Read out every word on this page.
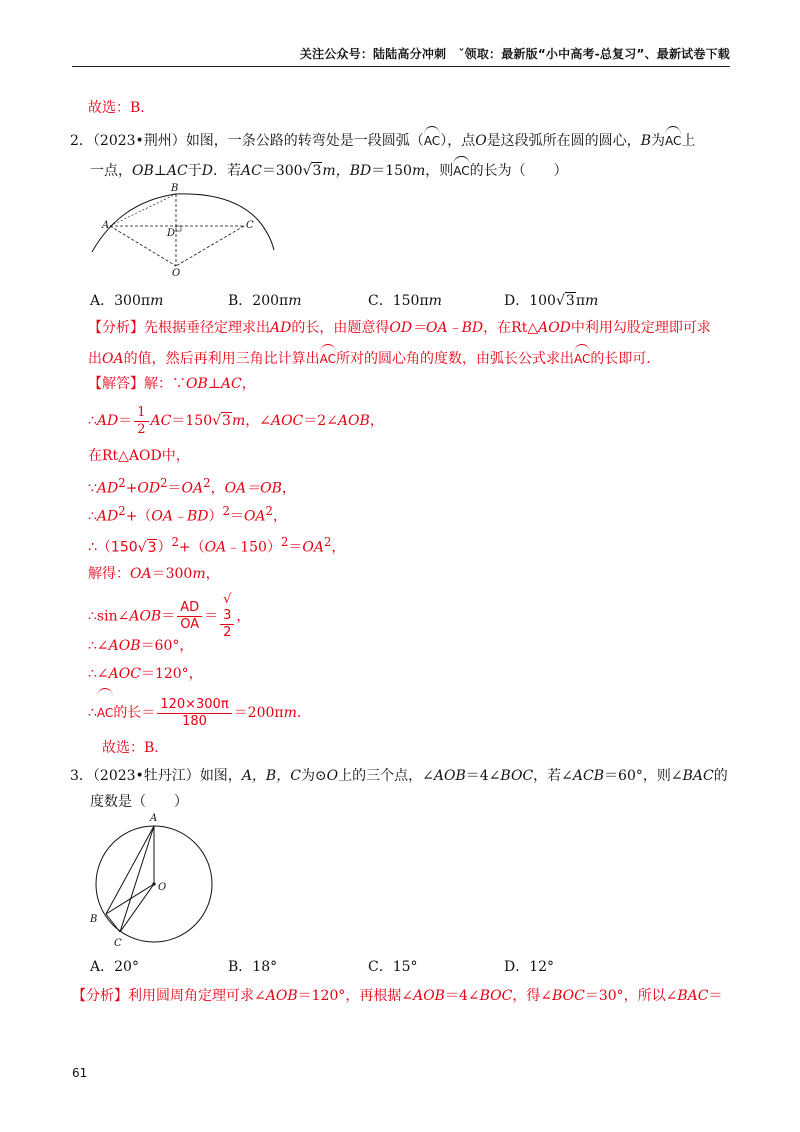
关注公众号：陆陆高分冲刺　ˇ领取：最新版“小中高考-总复习”、最新试卷下载
故选：B.
2．（2023•荆州）如图，一条公路的转弯处是一段圆弧（AC），点O是这段弧所在圆的圆心，B为AC上
一点，OB⊥AC于D．若AC＝300√3m，BD＝150m，则AC的长为（　　）
B
A	C
D
O
A．300πm	B．200πm	C．150πm	D．100√3πm
【分析】先根据垂径定理求出AD的长，由题意得OD＝OA﹣BD，在Rt△AOD中利用勾股定理即可求
出OA的值，然后再利用三角比计算出AC所对的圆心角的度数，由弧长公式求出AC的长即可．
【解答】解：∵OB⊥AC，
∴AD＝ $\frac{1}{2} AC=150√3m$，∠AOC＝2∠AOB，
在Rt△AOD中，
$\because AD^2+OD^2=OA^2$，OA＝OB，
$\therefore AD^2+(OA﹣BD)^2=OA^2$，
$\therefore(150√3)^2+(OA﹣150)^2=OA^2$，
解得：OA＝300m，
∴sin∠AOB＝ $\frac{AD}{OA}$ ＝ √
3
2 ，
∴∠AOB＝60°，
∴∠AOC＝120°，
∴AC的长＝ $\frac{120\times 300\pi}{180} =200\pi m$．
故选：B.
3．（2023•牡丹江）如图，A，B，C为⊙O上的三个点，∠AOB＝4∠BOC，若∠ACB＝60°，则∠BAC的
度数是（　　）
A
O
B
C
A．20°	B．18°	C．15°	D．12°
【分析】利用圆周角定理可求∠AOB＝120°，再根据∠AOB＝4∠BOC，得∠BOC＝30°，所以∠BAC＝
61
